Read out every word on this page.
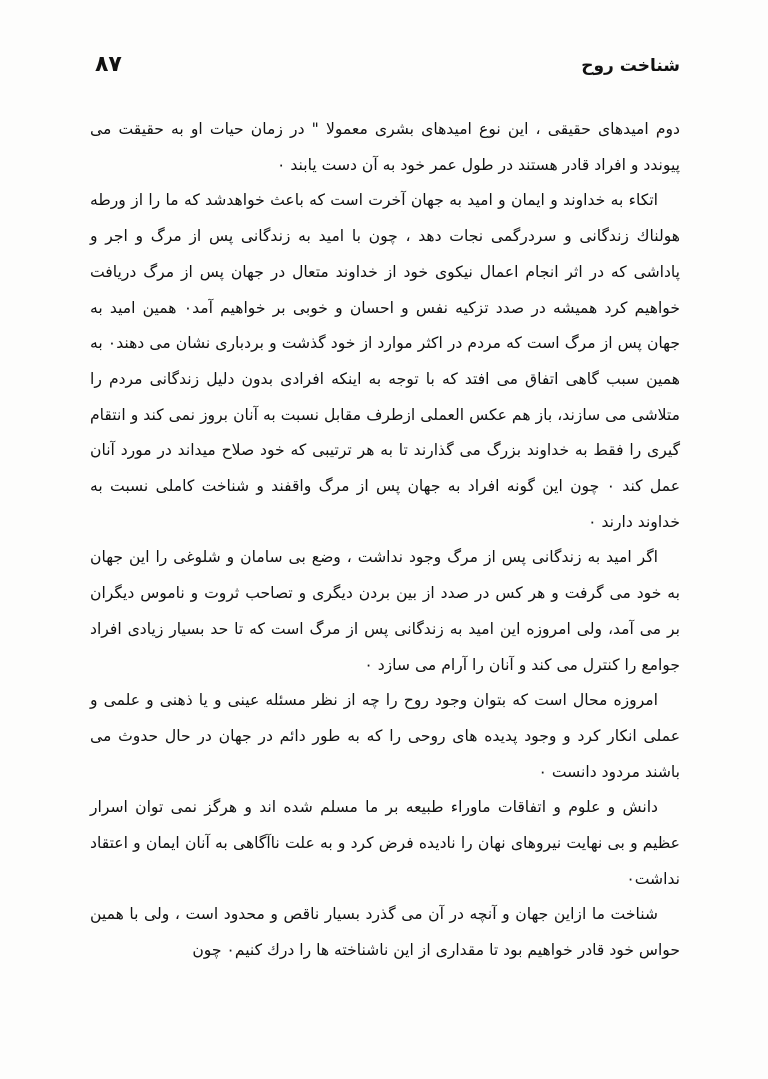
شناخت روح
۸۷

دوم امیدهای حقیقی ، این نوع امیدهای بشری معمولا " در زمان حیات او به حقیقت می پیوندد و افراد قادر هستند در طول عمر خود به آن دست یابند ٠

اتکاء به خداوند و ایمان و امید به جهان آخرت است که باعث خواهدشد که ما را از ورطه هولناك زندگانی و سردرگمی نجات دهد ، چون با امید به زندگانی پس از مرگ و اجر و پاداشی که در اثر انجام اعمال نیکوی خود از خداوند متعال در جهان پس از مرگ دریافت خواهیم کرد همیشه در صدد تزکیه نفس و احسان و خوبی بر خواهیم آمد٠ همین امید به جهان پس از مرگ است که مردم در اکثر موارد از خود گذشت و بردباری نشان می دهند٠ به همین سبب گاهی اتفاق می افتد که با توجه به اینکه افرادی بدون دلیل زندگانی مردم را متلاشی می سازند، باز هم عکس العملی ازطرف مقابل نسبت به آنان بروز نمی کند و انتقام گیری را فقط به خداوند بزرگ می گذارند تا به هر ترتیبی که خود صلاح میداند در مورد آنان عمل کند ٠ چون این گونه افراد به جهان پس از مرگ واقفند و شناخت کاملی نسبت به خداوند دارند ٠

اگر امید به زندگانی پس از مرگ وجود نداشت ، وضع بی سامان و شلوغی را این جهان به خود می گرفت و هر کس در صدد از بین بردن دیگری و تصاحب ثروت و ناموس دیگران بر می آمد، ولی امروزه این امید به زندگانی پس از مرگ است که تا حد بسیار زیادی افراد جوامع را کنترل می کند و آنان را آرام می سازد ٠

امروزه محال است که بتوان وجود روح را چه از نظر مسئله عینی و یا ذهنی و علمی و عملی انکار کرد و وجود پدیده های روحی را که به طور دائم در جهان در حال حدوث می باشند مردود دانست ٠

دانش و علوم و اتفاقات ماوراء طبیعه بر ما مسلم شده اند و هرگز نمی توان اسرار عظیم و بی نهایت نیروهای نهان را نادیده فرض کرد و به علت ناآگاهی به آنان ایمان و اعتقاد نداشت٠

شناخت ما ازاین جهان و آنچه در آن می گذرد بسیار ناقص و محدود است ، ولی با همین حواس خود قادر خواهیم بود تا مقداری از این ناشناخته ها را درك كنیم٠ چون
